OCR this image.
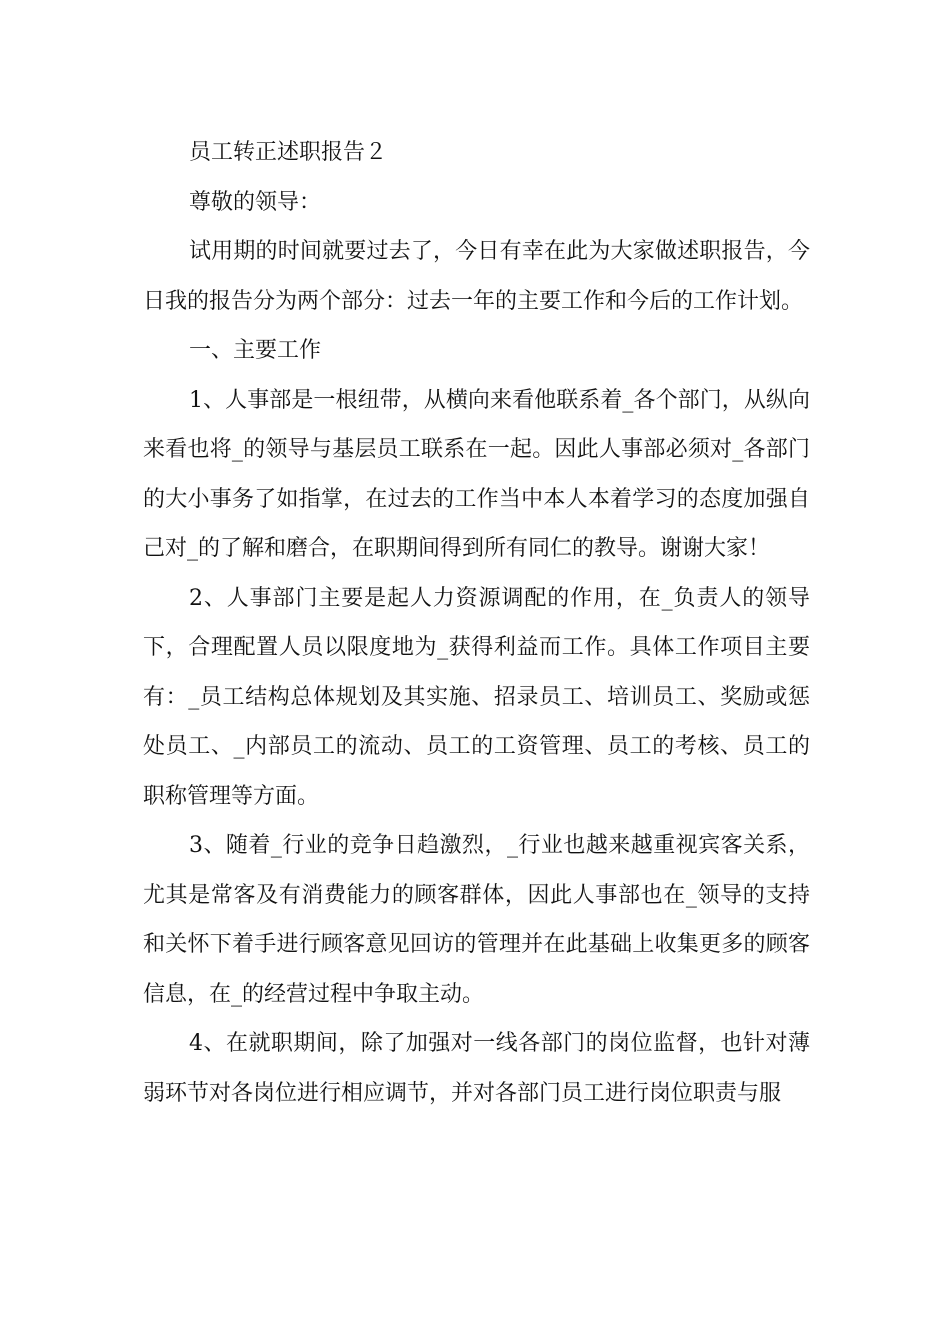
员工转正述职报告２

尊敬的领导：

试用期的时间就要过去了，今日有幸在此为大家做述职报告，今日我的报告分为两个部分：过去一年的主要工作和今后的工作计划。

一、主要工作

1、人事部是一根纽带，从横向来看他联系着_各个部门，从纵向来看也将_的领导与基层员工联系在一起。因此人事部必须对_各部门的大小事务了如指掌，在过去的工作当中本人本着学习的态度加强自己对_的了解和磨合，在职期间得到所有同仁的教导。谢谢大家！

2、人事部门主要是起人力资源调配的作用，在_负责人的领导下，合理配置人员以限度地为_获得利益而工作。具体工作项目主要有：_员工结构总体规划及其实施、招录员工、培训员工、奖励或惩处员工、_内部员工的流动、员工的工资管理、员工的考核、员工的职称管理等方面。

3、随着_行业的竞争日趋激烈，_行业也越来越重视宾客关系，尤其是常客及有消费能力的顾客群体，因此人事部也在_领导的支持和关怀下着手进行顾客意见回访的管理并在此基础上收集更多的顾客信息，在_的经营过程中争取主动。

4、在就职期间，除了加强对一线各部门的岗位监督，也针对薄弱环节对各岗位进行相应调节，并对各部门员工进行岗位职责与服
